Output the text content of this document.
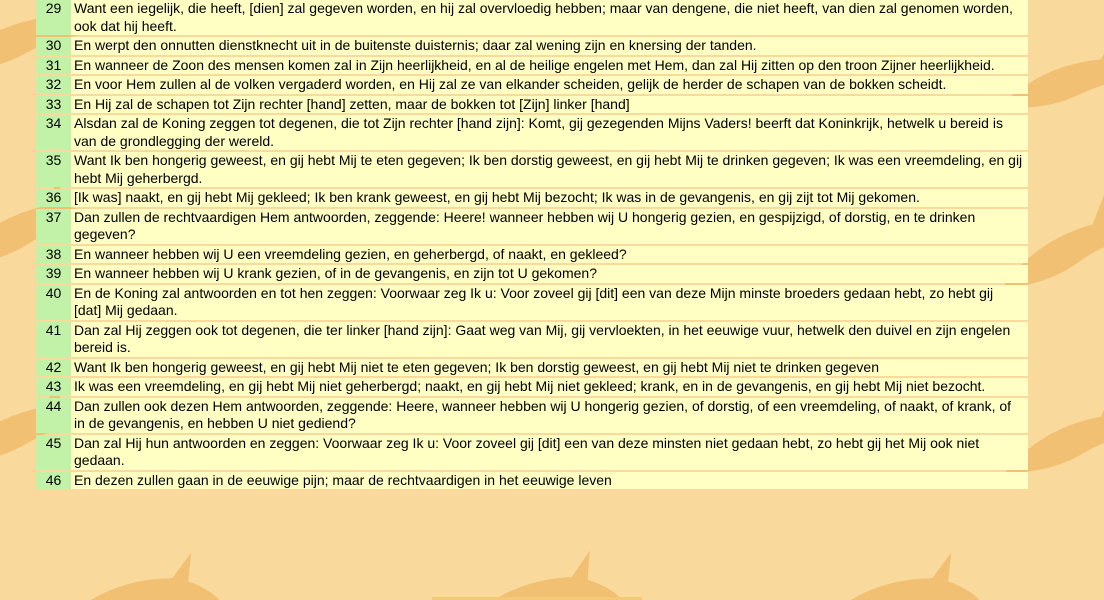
29	Want een iegelijk, die heeft, [dien] zal gegeven worden, en hij zal overvloedig hebben; maar van dengene, die niet heeft, van dien zal genomen worden, ook dat hij heeft.
30	En werpt den onnutten dienstknecht uit in de buitenste duisternis; daar zal wening zijn en knersing der tanden.
31	En wanneer de Zoon des mensen komen zal in Zijn heerlijkheid, en al de heilige engelen met Hem, dan zal Hij zitten op den troon Zijner heerlijkheid.
32	En voor Hem zullen al de volken vergaderd worden, en Hij zal ze van elkander scheiden, gelijk de herder de schapen van de bokken scheidt.
33	En Hij zal de schapen tot Zijn rechter [hand] zetten, maar de bokken tot [Zijn] linker [hand]
34	Alsdan zal de Koning zeggen tot degenen, die tot Zijn rechter [hand zijn]: Komt, gij gezegenden Mijns Vaders! beerft dat Koninkrijk, hetwelk u bereid is van de grondlegging der wereld.
35	Want Ik ben hongerig geweest, en gij hebt Mij te eten gegeven; Ik ben dorstig geweest, en gij hebt Mij te drinken gegeven; Ik was een vreemdeling, en gij hebt Mij geherbergd.
36	[Ik was] naakt, en gij hebt Mij gekleed; Ik ben krank geweest, en gij hebt Mij bezocht; Ik was in de gevangenis, en gij zijt tot Mij gekomen.
37	Dan zullen de rechtvaardigen Hem antwoorden, zeggende: Heere! wanneer hebben wij U hongerig gezien, en gespijzigd, of dorstig, en te drinken gegeven?
38	En wanneer hebben wij U een vreemdeling gezien, en geherbergd, of naakt, en gekleed?
39	En wanneer hebben wij U krank gezien, of in de gevangenis, en zijn tot U gekomen?
40	En de Koning zal antwoorden en tot hen zeggen: Voorwaar zeg Ik u: Voor zoveel gij [dit] een van deze Mijn minste broeders gedaan hebt, zo hebt gij [dat] Mij gedaan.
41	Dan zal Hij zeggen ook tot degenen, die ter linker [hand zijn]: Gaat weg van Mij, gij vervloekten, in het eeuwige vuur, hetwelk den duivel en zijn engelen bereid is.
42	Want Ik ben hongerig geweest, en gij hebt Mij niet te eten gegeven; Ik ben dorstig geweest, en gij hebt Mij niet te drinken gegeven
43	Ik was een vreemdeling, en gij hebt Mij niet geherbergd; naakt, en gij hebt Mij niet gekleed; krank, en in de gevangenis, en gij hebt Mij niet bezocht.
44	Dan zullen ook dezen Hem antwoorden, zeggende: Heere, wanneer hebben wij U hongerig gezien, of dorstig, of een vreemdeling, of naakt, of krank, of in de gevangenis, en hebben U niet gediend?
45	Dan zal Hij hun antwoorden en zeggen: Voorwaar zeg Ik u: Voor zoveel gij [dit] een van deze minsten niet gedaan hebt, zo hebt gij het Mij ook niet gedaan.
46	En dezen zullen gaan in de eeuwige pijn; maar de rechtvaardigen in het eeuwige leven
